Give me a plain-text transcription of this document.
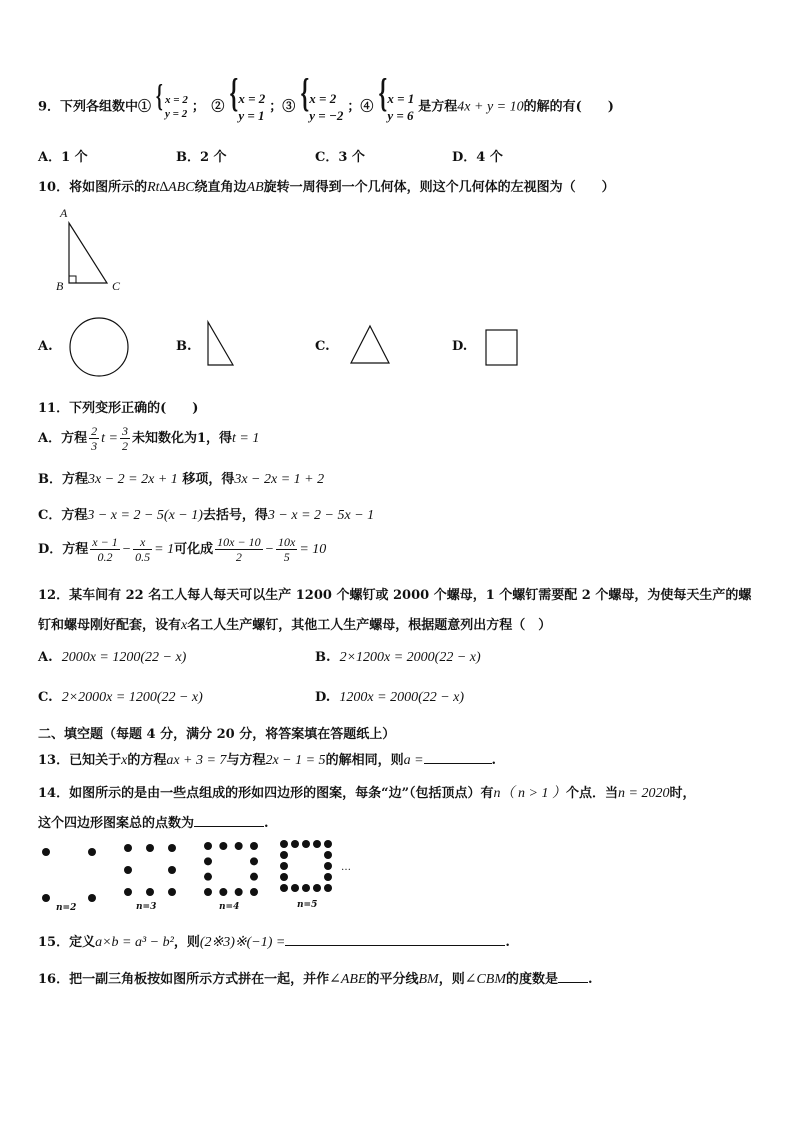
9．下列各组数中①
{ x = 2
y = 2 ；　②
{ x = 2
y = 1
；③
{ x = 2
y = −2
；④
{ x = 1
y = 6
是方程4x + y = 10的解的有(　　)
A．1 个	B．2 个	C．3 个	D．4 个
10．将如图所示的Rt∆ABC绕直角边AB旋转一周得到一个几何体，则这个几何体的左视图为（　　）
A
B	C
A.	B.	C.	D.
11．下列变形正确的(　　)
A．方程 $\frac{2}{3}$ $t = \frac{3}{2}$ 未知数化为1，得t = 1
B．方程3x − 2 = 2x + 1 移项，得3x − 2x = 1 + 2
C．方程3 − x = 2 − 5(x − 1)去括号，得3 − x = 2 − 5x − 1
D．方程 $\frac{x - 1}{0.2} - \frac{x}{0.5} = 1$可化成 $\frac{10x - 10}{2} - \frac{10x}{5} = 10$
12．某车间有 22 名工人每人每天可以生产 1200 个螺钉或 2000 个螺母，1 个螺钉需要配 2 个螺母，为使每天生产的螺
钉和螺母刚好配套，设有x名工人生产螺钉，其他工人生产螺母，根据题意列出方程（　）
A. 2000x = 1200(22 − x)	B. 2×1200x = 2000(22 − x)
C. 2×2000x = 1200(22 − x)	D. 1200x = 2000(22 − x)
二、填空题（每题 4 分，满分 20 分，将答案填在答题纸上）
13．已知关于x的方程ax + 3 = 7与方程2x − 1 = 5的解相同，则a =	.
14．如图所示的是由一些点组成的形如四边形的图案，每条“边”（包括顶点）有n（ n > 1 ）个点．当n = 2020时，
这个四边形图案总的点数为	.
n=2	n=3	n=4	n=5
…
15．定义a×b = a³ − b²，则(2※3)※(−1) =	.
16．把一副三角板按如图所示方式拼在一起，并作∠ABE的平分线BM，则∠CBM的度数是 .
